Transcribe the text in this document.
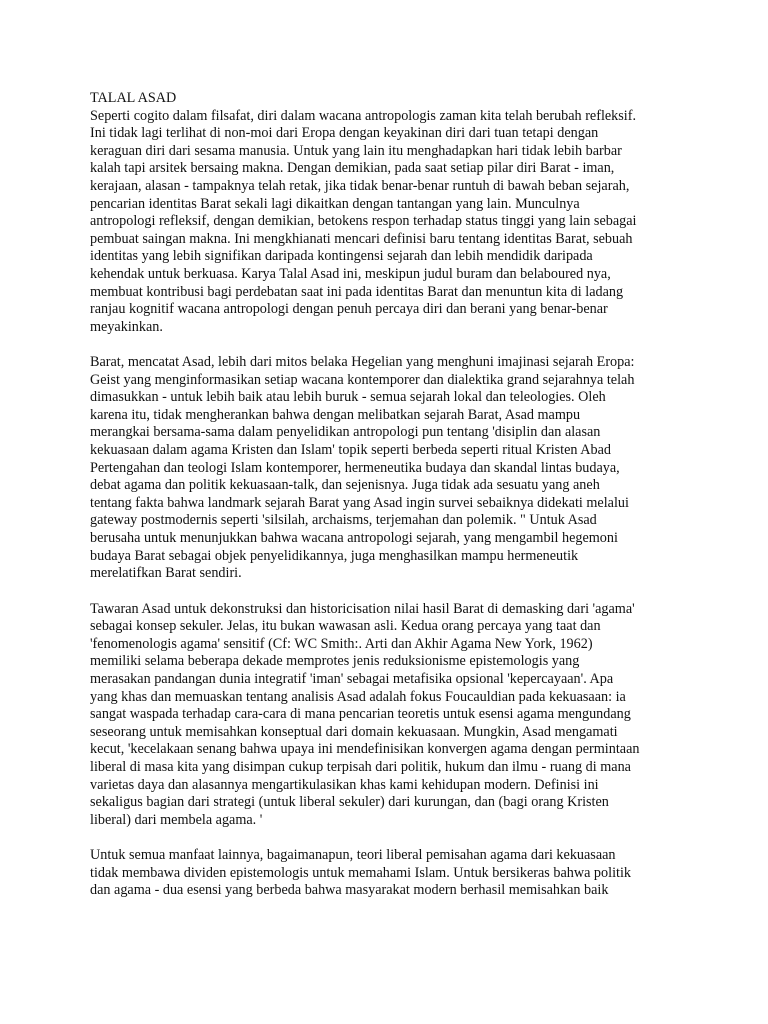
TALAL ASAD
Seperti cogito dalam filsafat, diri dalam wacana antropologis zaman kita telah berubah refleksif.
Ini tidak lagi terlihat di non-moi dari Eropa dengan keyakinan diri dari tuan tetapi dengan
keraguan diri dari sesama manusia. Untuk yang lain itu menghadapkan hari tidak lebih barbar
kalah tapi arsitek bersaing makna. Dengan demikian, pada saat setiap pilar diri Barat - iman,
kerajaan, alasan - tampaknya telah retak, jika tidak benar-benar runtuh di bawah beban sejarah,
pencarian identitas Barat sekali lagi dikaitkan dengan tantangan yang lain. Munculnya
antropologi refleksif, dengan demikian, betokens respon terhadap status tinggi yang lain sebagai
pembuat saingan makna. Ini mengkhianati mencari definisi baru tentang identitas Barat, sebuah
identitas yang lebih signifikan daripada kontingensi sejarah dan lebih mendidik daripada
kehendak untuk berkuasa. Karya Talal Asad ini, meskipun judul buram dan belaboured nya,
membuat kontribusi bagi perdebatan saat ini pada identitas Barat dan menuntun kita di ladang
ranjau kognitif wacana antropologi dengan penuh percaya diri dan berani yang benar-benar
meyakinkan.
Barat, mencatat Asad, lebih dari mitos belaka Hegelian yang menghuni imajinasi sejarah Eropa:
Geist yang menginformasikan setiap wacana kontemporer dan dialektika grand sejarahnya telah
dimasukkan - untuk lebih baik atau lebih buruk - semua sejarah lokal dan teleologies. Oleh
karena itu, tidak mengherankan bahwa dengan melibatkan sejarah Barat, Asad mampu
merangkai bersama-sama dalam penyelidikan antropologi pun tentang 'disiplin dan alasan
kekuasaan dalam agama Kristen dan Islam' topik seperti berbeda seperti ritual Kristen Abad
Pertengahan dan teologi Islam kontemporer, hermeneutika budaya dan skandal lintas budaya,
debat agama dan politik kekuasaan-talk, dan sejenisnya. Juga tidak ada sesuatu yang aneh
tentang fakta bahwa landmark sejarah Barat yang Asad ingin survei sebaiknya didekati melalui
gateway postmodernis seperti 'silsilah, archaisms, terjemahan dan polemik. " Untuk Asad
berusaha untuk menunjukkan bahwa wacana antropologi sejarah, yang mengambil hegemoni
budaya Barat sebagai objek penyelidikannya, juga menghasilkan mampu hermeneutik
merelatifkan Barat sendiri.
Tawaran Asad untuk dekonstruksi dan historicisation nilai hasil Barat di demasking dari 'agama'
sebagai konsep sekuler. Jelas, itu bukan wawasan asli. Kedua orang percaya yang taat dan
'fenomenologis agama' sensitif (Cf: WC Smith:. Arti dan Akhir Agama New York, 1962)
memiliki selama beberapa dekade memprotes jenis reduksionisme epistemologis yang
merasakan pandangan dunia integratif 'iman' sebagai metafisika opsional 'kepercayaan'. Apa
yang khas dan memuaskan tentang analisis Asad adalah fokus Foucauldian pada kekuasaan: ia
sangat waspada terhadap cara-cara di mana pencarian teoretis untuk esensi agama mengundang
seseorang untuk memisahkan konseptual dari domain kekuasaan. Mungkin, Asad mengamati
kecut, 'kecelakaan senang bahwa upaya ini mendefinisikan konvergen agama dengan permintaan
liberal di masa kita yang disimpan cukup terpisah dari politik, hukum dan ilmu - ruang di mana
varietas daya dan alasannya mengartikulasikan khas kami kehidupan modern. Definisi ini
sekaligus bagian dari strategi (untuk liberal sekuler) dari kurungan, dan (bagi orang Kristen
liberal) dari membela agama. '
Untuk semua manfaat lainnya, bagaimanapun, teori liberal pemisahan agama dari kekuasaan
tidak membawa dividen epistemologis untuk memahami Islam. Untuk bersikeras bahwa politik
dan agama - dua esensi yang berbeda bahwa masyarakat modern berhasil memisahkan baik
